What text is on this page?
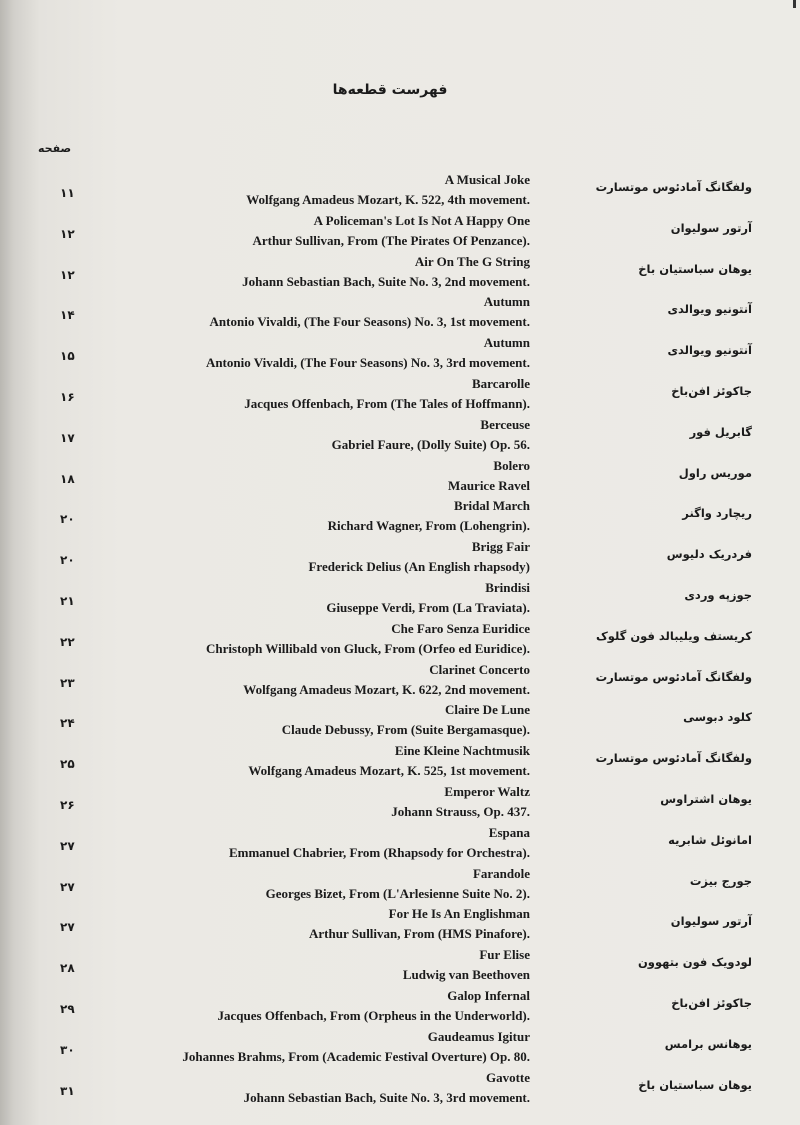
فهرست قطعه‌ها
صفحه
A Musical Joke
Wolfgang Amadeus Mozart, K. 522, 4th movement.
ولفگانگ آمادئوس موتسارت
۱۱
A Policeman's Lot Is Not A Happy One
Arthur Sullivan, From (The Pirates Of Penzance).
آرتور سولیوان
۱۲
Air On The G String
Johann Sebastian Bach, Suite No. 3, 2nd movement.
یوهان سباستیان باخ
۱۲
Autumn
Antonio Vivaldi, (The Four Seasons) No. 3, 1st movement.
آنتونیو ویوالدی
۱۴
Autumn
Antonio Vivaldi, (The Four Seasons) No. 3, 3rd movement.
آنتونیو ویوالدی
۱۵
Barcarolle
Jacques Offenbach, From (The Tales of Hoffmann).
جاکوئز افن‌باخ
۱۶
Berceuse
Gabriel Faure, (Dolly Suite) Op. 56.
گابریل فور
۱۷
Bolero
Maurice Ravel
موریس راول
۱۸
Bridal March
Richard Wagner, From (Lohengrin).
ریچارد واگنر
۲۰
Brigg Fair
Frederick Delius (An English rhapsody)
فردریک دلیوس
۲۰
Brindisi
Giuseppe Verdi, From (La Traviata).
جوزپه وردی
۲۱
Che Faro Senza Euridice
Christoph Willibald von Gluck, From (Orfeo ed Euridice).
کریستف ویلیبالد فون گلوک
۲۲
Clarinet Concerto
Wolfgang Amadeus Mozart, K. 622, 2nd movement.
ولفگانگ آمادئوس موتسارت
۲۳
Claire De Lune
Claude Debussy, From (Suite Bergamasque).
کلود دبوسی
۲۴
Eine Kleine Nachtmusik
Wolfgang Amadeus Mozart, K. 525, 1st movement.
ولفگانگ آمادئوس موتسارت
۲۵
Emperor Waltz
Johann Strauss, Op. 437.
یوهان اشتراوس
۲۶
Espana
Emmanuel Chabrier, From (Rhapsody for Orchestra).
امانوئل شابریه
۲۷
Farandole
Georges Bizet, From (L'Arlesienne Suite No. 2).
جورج بیزت
۲۷
For He Is An Englishman
Arthur Sullivan, From (HMS Pinafore).
آرتور سولیوان
۲۷
Fur Elise
Ludwig van Beethoven
لودویک فون بتهوون
۲۸
Galop Infernal
Jacques Offenbach, From (Orpheus in the Underworld).
جاکوئز افن‌باخ
۲۹
Gaudeamus Igitur
Johannes Brahms, From (Academic Festival Overture) Op. 80.
یوهانس برامس
۳۰
Gavotte
Johann Sebastian Bach, Suite No. 3, 3rd movement.
یوهان سباستیان باخ
۳۱
